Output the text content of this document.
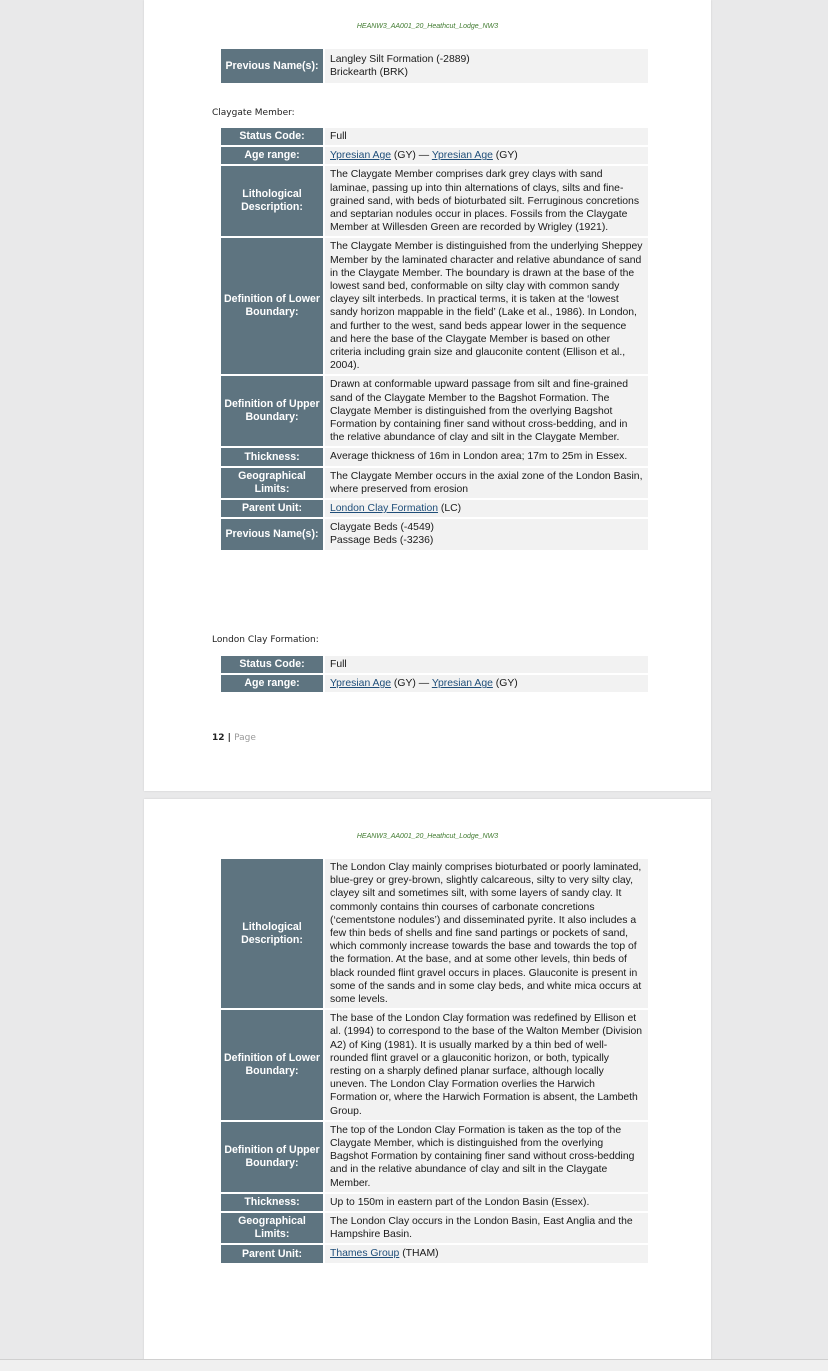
HEANW3_AA001_20_Heathcut_Lodge_NW3
Previous Name(s):	
Langley Silt Formation (-2889)
Brickearth (BRK)
Claygate Member:
Status Code:	Full
Age range:	Ypresian Age (GY) — Ypresian Age (GY)
Lithological Description:	The Claygate Member comprises dark grey clays with sand laminae, passing up into thin alternations of clays, silts and fine-grained sand, with beds of bioturbated silt. Ferruginous concretions and septarian nodules occur in places. Fossils from the Claygate Member at Willesden Green are recorded by Wrigley (1921).
Definition of Lower Boundary:	The Claygate Member is distinguished from the underlying Sheppey Member by the laminated character and relative abundance of sand in the Claygate Member. The boundary is drawn at the base of the lowest sand bed, conformable on silty clay with common sandy clayey silt interbeds. In practical terms, it is taken at the ‘lowest sandy horizon mappable in the field’ (Lake et al., 1986). In London, and further to the west, sand beds appear lower in the sequence and here the base of the Claygate Member is based on other criteria including grain size and glauconite content (Ellison et al., 2004).
Definition of Upper Boundary:	Drawn at conformable upward passage from silt and fine-grained sand of the Claygate Member to the Bagshot Formation. The Claygate Member is distinguished from the overlying Bagshot Formation by containing finer sand without cross-bedding, and in the relative abundance of clay and silt in the Claygate Member.
Thickness:	Average thickness of 16m in London area; 17m to 25m in Essex.
Geographical Limits:	The Claygate Member occurs in the axial zone of the London Basin, where preserved from erosion
Parent Unit:	London Clay Formation (LC)
Previous Name(s):	Claygate Beds (-4549)
Passage Beds (-3236)
London Clay Formation:
Status Code:	Full
Age range:	Ypresian Age (GY) — Ypresian Age (GY)
12 | Page
HEANW3_AA001_20_Heathcut_Lodge_NW3
Lithological Description:	The London Clay mainly comprises bioturbated or poorly laminated, blue-grey or grey-brown, slightly calcareous, silty to very silty clay, clayey silt and sometimes silt, with some layers of sandy clay. It commonly contains thin courses of carbonate concretions (‘cementstone nodules’) and disseminated pyrite. It also includes a few thin beds of shells and fine sand partings or pockets of sand, which commonly increase towards the base and towards the top of the formation. At the base, and at some other levels, thin beds of black rounded flint gravel occurs in places. Glauconite is present in some of the sands and in some clay beds, and white mica occurs at some levels.
Definition of Lower Boundary:	The base of the London Clay formation was redefined by Ellison et al. (1994) to correspond to the base of the Walton Member (Division A2) of King (1981). It is usually marked by a thin bed of well-rounded flint gravel or a glauconitic horizon, or both, typically resting on a sharply defined planar surface, although locally uneven. The London Clay Formation overlies the Harwich Formation or, where the Harwich Formation is absent, the Lambeth Group.
Definition of Upper Boundary:	The top of the London Clay Formation is taken as the top of the Claygate Member, which is distinguished from the overlying Bagshot Formation by containing finer sand without cross-bedding and in the relative abundance of clay and silt in the Claygate Member.
Thickness:	Up to 150m in eastern part of the London Basin (Essex).
Geographical Limits:	The London Clay occurs in the London Basin, East Anglia and the Hampshire Basin.
Parent Unit:	Thames Group (THAM)
